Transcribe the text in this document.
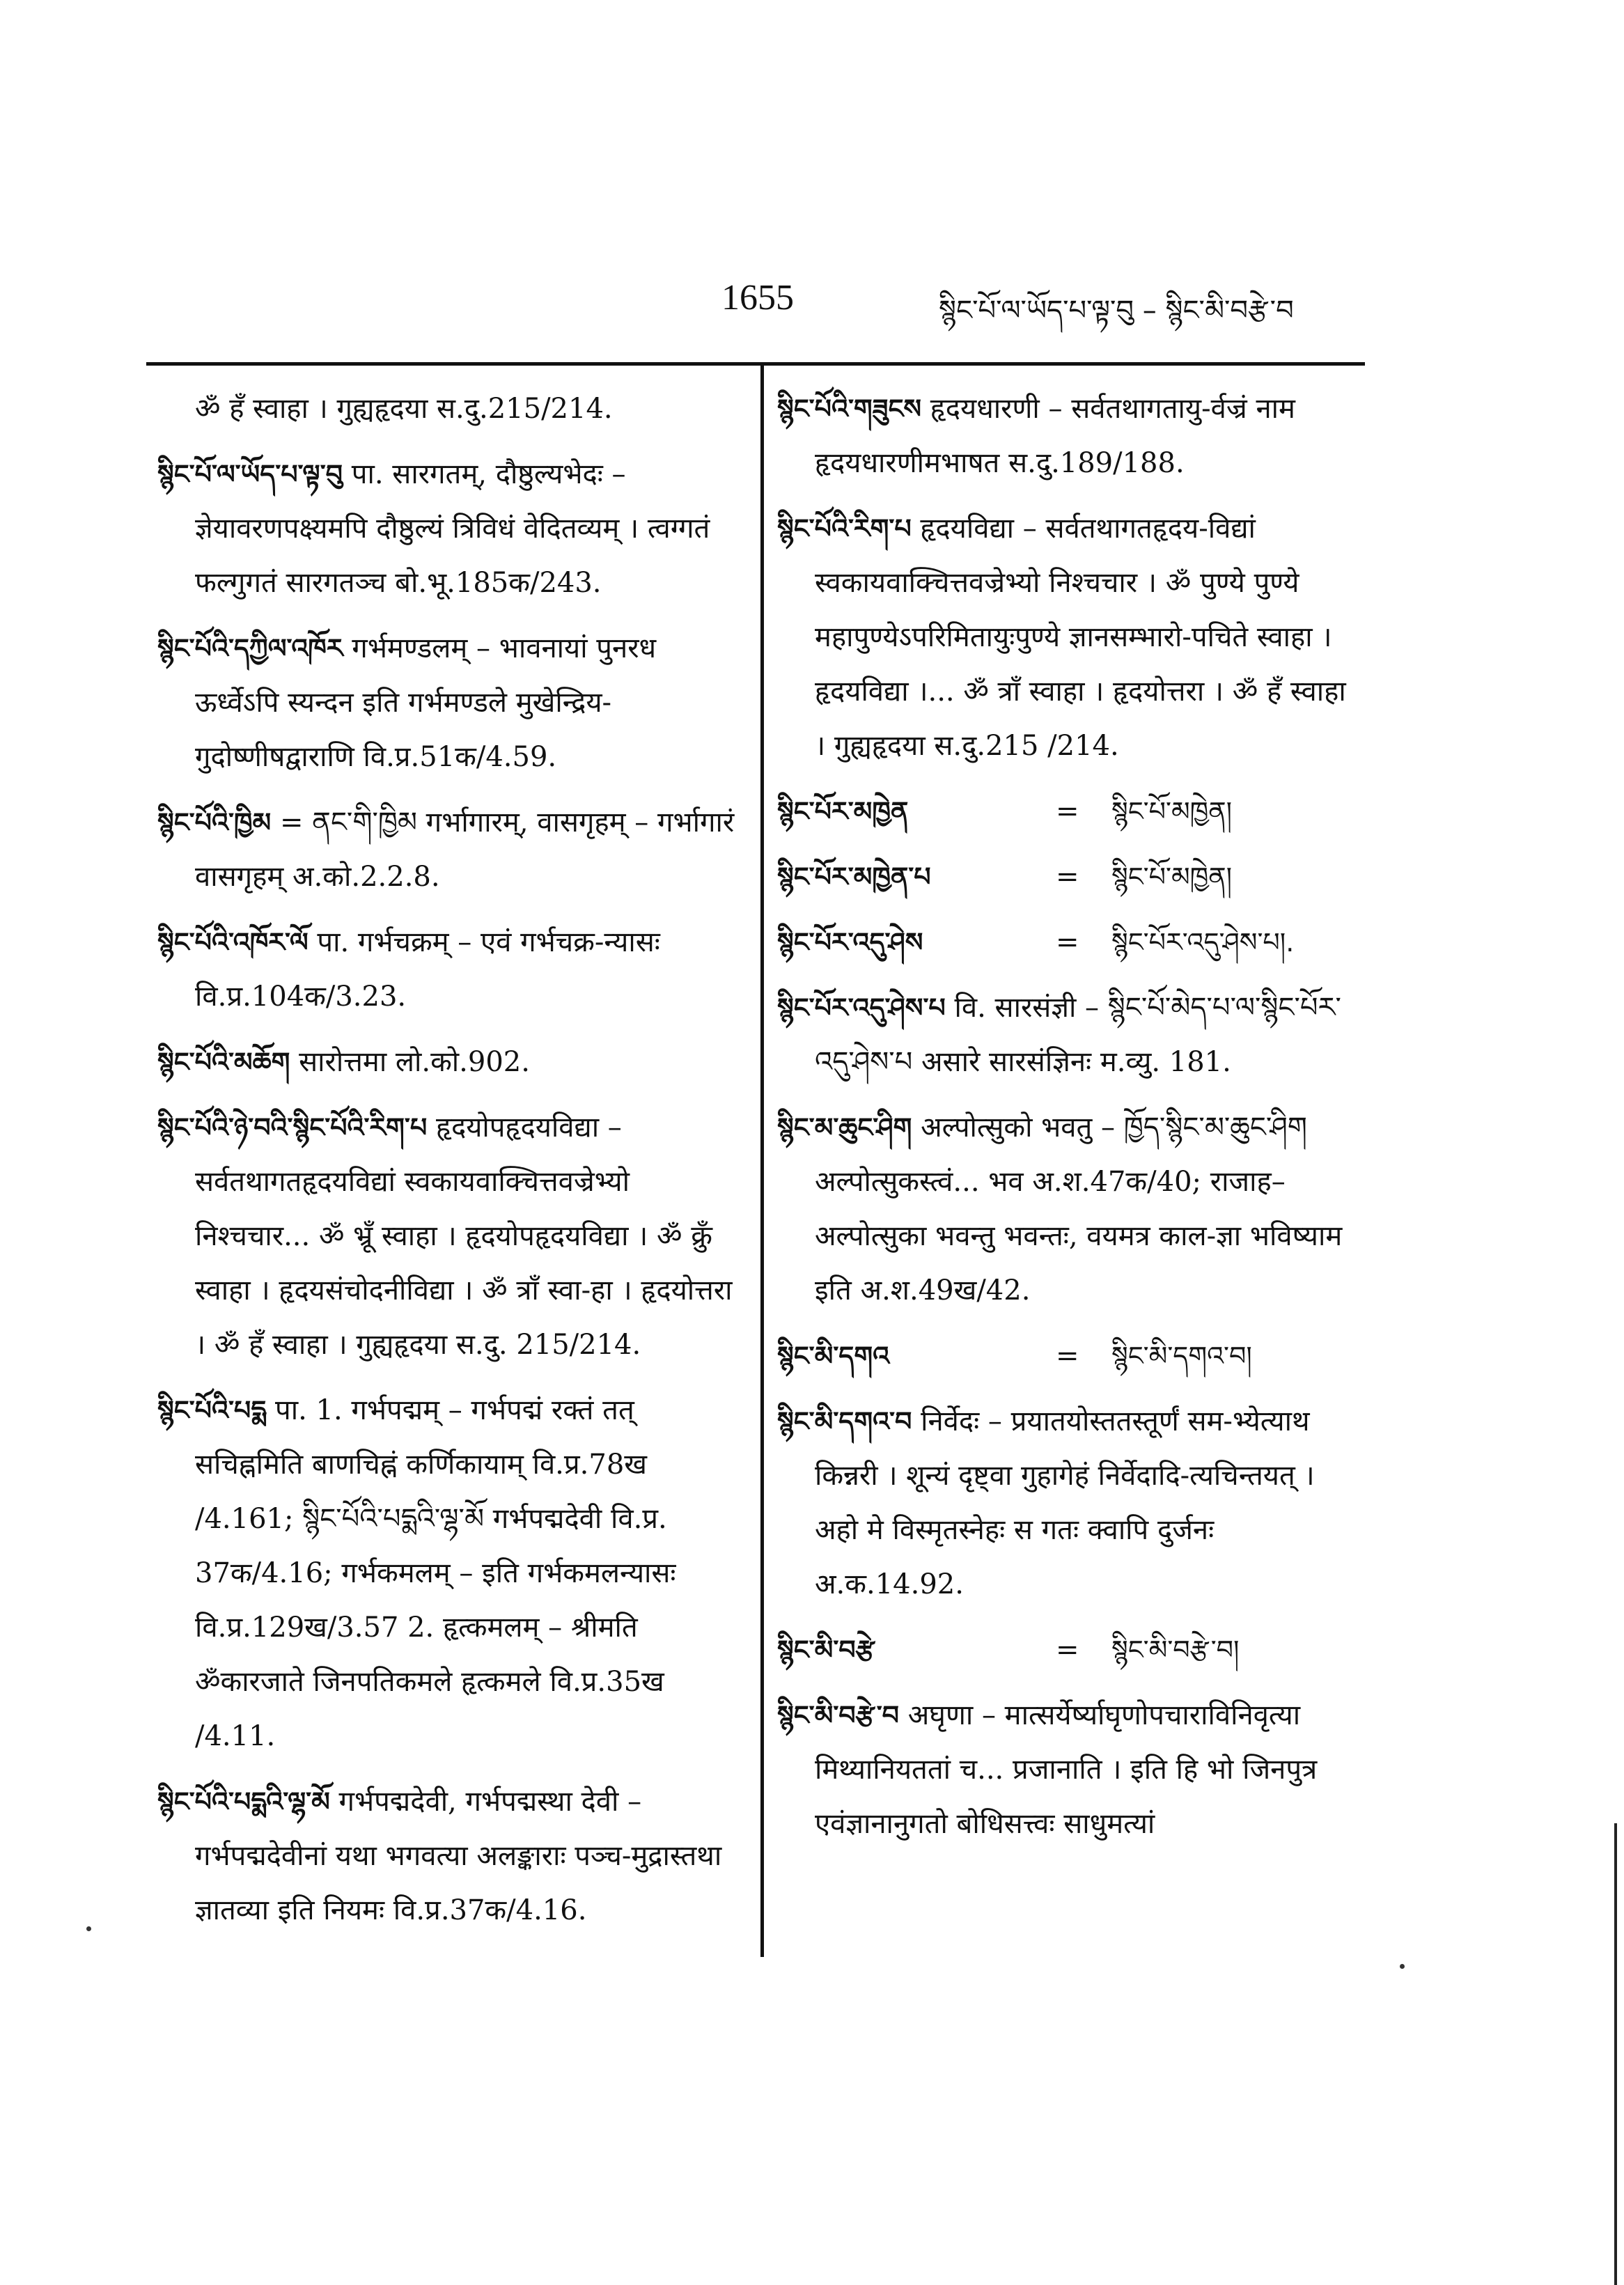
1655	སྙིང་པོ་ལ་ཡོད་པ་ལྟ་བུ – སྙིང་མི་བརྩེ་བ
ॐ हँ स्वाहा । गुह्यहृदया स.दु.215/214.
སྙིང་པོ་ལ་ཡོད་པ་ལྟ་བུ पा. सारगतम्, दौष्ठुल्यभेदः – ज्ञेयावरणपक्ष्यमपि दौष्ठुल्यं त्रिविधं वेदितव्यम् । त्वग्गतं फल्गुगतं सारगतञ्च बो.भू.185क/243.
སྙིང་པོའི་དཀྱིལ་འཁོར गर्भमण्डलम् – भावनायां पुनरध ऊर्ध्वेऽपि स्यन्दन इति गर्भमण्डले मुखेन्द्रिय-गुदोष्णीषद्वाराणि वि.प्र.51क/4.59.
སྙིང་པོའི་ཁྱིམ = ནང་གི་ཁྱིམ गर्भागारम्, वासगृहम् – गर्भागारं वासगृहम् अ.को.2.2.8.
སྙིང་པོའི་འཁོར་ལོ पा. गर्भचक्रम् – एवं गर्भचक्र-न्यासः वि.प्र.104क/3.23.
སྙིང་པོའི་མཆོག सारोत्तमा लो.को.902.
སྙིང་པོའི་ཉེ་བའི་སྙིང་པོའི་རིག་པ हृदयोपहृदयविद्या – सर्वतथागतहृदयविद्यां स्वकायवाक्चित्तवज्रेभ्यो निश्चचार... ॐ भ्रूँ स्वाहा । हृदयोपहृदयविद्या । ॐ क्रुँ स्वाहा । हृदयसंचोदनीविद्या । ॐ त्राँ स्वा-हा । हृदयोत्तरा । ॐ हँ स्वाहा । गुह्यहृदया स.दु. 215/214.
སྙིང་པོའི་པདྨ पा. 1. गर्भपद्मम् – गर्भपद्मं रक्तं तत् सचिह्नमिति बाणचिह्नं कर्णिकायाम् वि.प्र.78ख /4.161; སྙིང་པོའི་པདྨའི་ལྷ་མོ गर्भपद्मदेवी वि.प्र. 37क/4.16; गर्भकमलम् – इति गर्भकमलन्यासः वि.प्र.129ख/3.57 2. हृत्कमलम् – श्रीमति ॐकारजाते जिनपतिकमले हृत्कमले वि.प्र.35ख /4.11.
སྙིང་པོའི་པདྨའི་ལྷ་མོ गर्भपद्मदेवी, गर्भपद्मस्था देवी – गर्भपद्मदेवीनां यथा भगवत्या अलङ्काराः पञ्च-मुद्रास्तथा ज्ञातव्या इति नियमः वि.प्र.37क/4.16.
སྙིང་པོའི་གཟུངས हृदयधारणी – सर्वतथागतायु-र्वज्रं नाम हृदयधारणीमभाषत स.दु.189/188.
སྙིང་པོའི་རིག་པ हृदयविद्या – सर्वतथागतहृदय-विद्यां स्वकायवाक्चित्तवज्रेभ्यो निश्चचार । ॐ पुण्ये पुण्ये महापुण्येऽपरिमितायुःपुण्ये ज्ञानसम्भारो-पचिते स्वाहा । हृदयविद्या ।... ॐ त्राँ स्वाहा । हृदयोत्तरा । ॐ हँ स्वाहा । गुह्यहृदया स.दु.215 /214.
སྙིང་པོར་མཁྱེན	=	སྙིང་པོ་མཁྱེན།
སྙིང་པོར་མཁྱེན་པ	=	སྙིང་པོ་མཁྱེན།
སྙིང་པོར་འདུ་ཤེས	=	སྙིང་པོར་འདུ་ཤེས་པ།.
སྙིང་པོར་འདུ་ཤེས་པ वि. सारसंज्ञी – སྙིང་པོ་མེད་པ་ལ་སྙིང་པོར་འདུ་ཤེས་པ असारे सारसंज्ञिनः म.व्यु. 181.
སྙིང་མ་ཆུང་ཤིག अल्पोत्सुको भवतु – ཁྱོད་སྙིང་མ་ཆུང་ཤིག अल्पोत्सुकस्त्वं... भव अ.श.47क/40; राजाह–अल्पोत्सुका भवन्तु भवन्तः, वयमत्र काल-ज्ञा भविष्याम इति अ.श.49ख/42.
སྙིང་མི་དགའ	=	སྙིང་མི་དགའ་བ།
སྙིང་མི་དགའ་བ निर्वेदः – प्रयातयोस्ततस्तूर्णं सम-भ्येत्याथ किन्नरी । शून्यं दृष्ट्वा गुहागेहं निर्वेदादि-त्यचिन्तयत् । अहो मे विस्मृतस्नेहः स गतः क्वापि दुर्जनः अ.क.14.92.
སྙིང་མི་བརྩེ	=	སྙིང་མི་བརྩེ་བ།
སྙིང་མི་བརྩེ་བ अघृणा – मात्सर्येर्ष्याघृणोपचाराविनिवृत्या मिथ्यानियततां च... प्रजानाति । इति हि भो जिनपुत्र एवंज्ञानानुगतो बोधिसत्त्वः साधुमत्यां
